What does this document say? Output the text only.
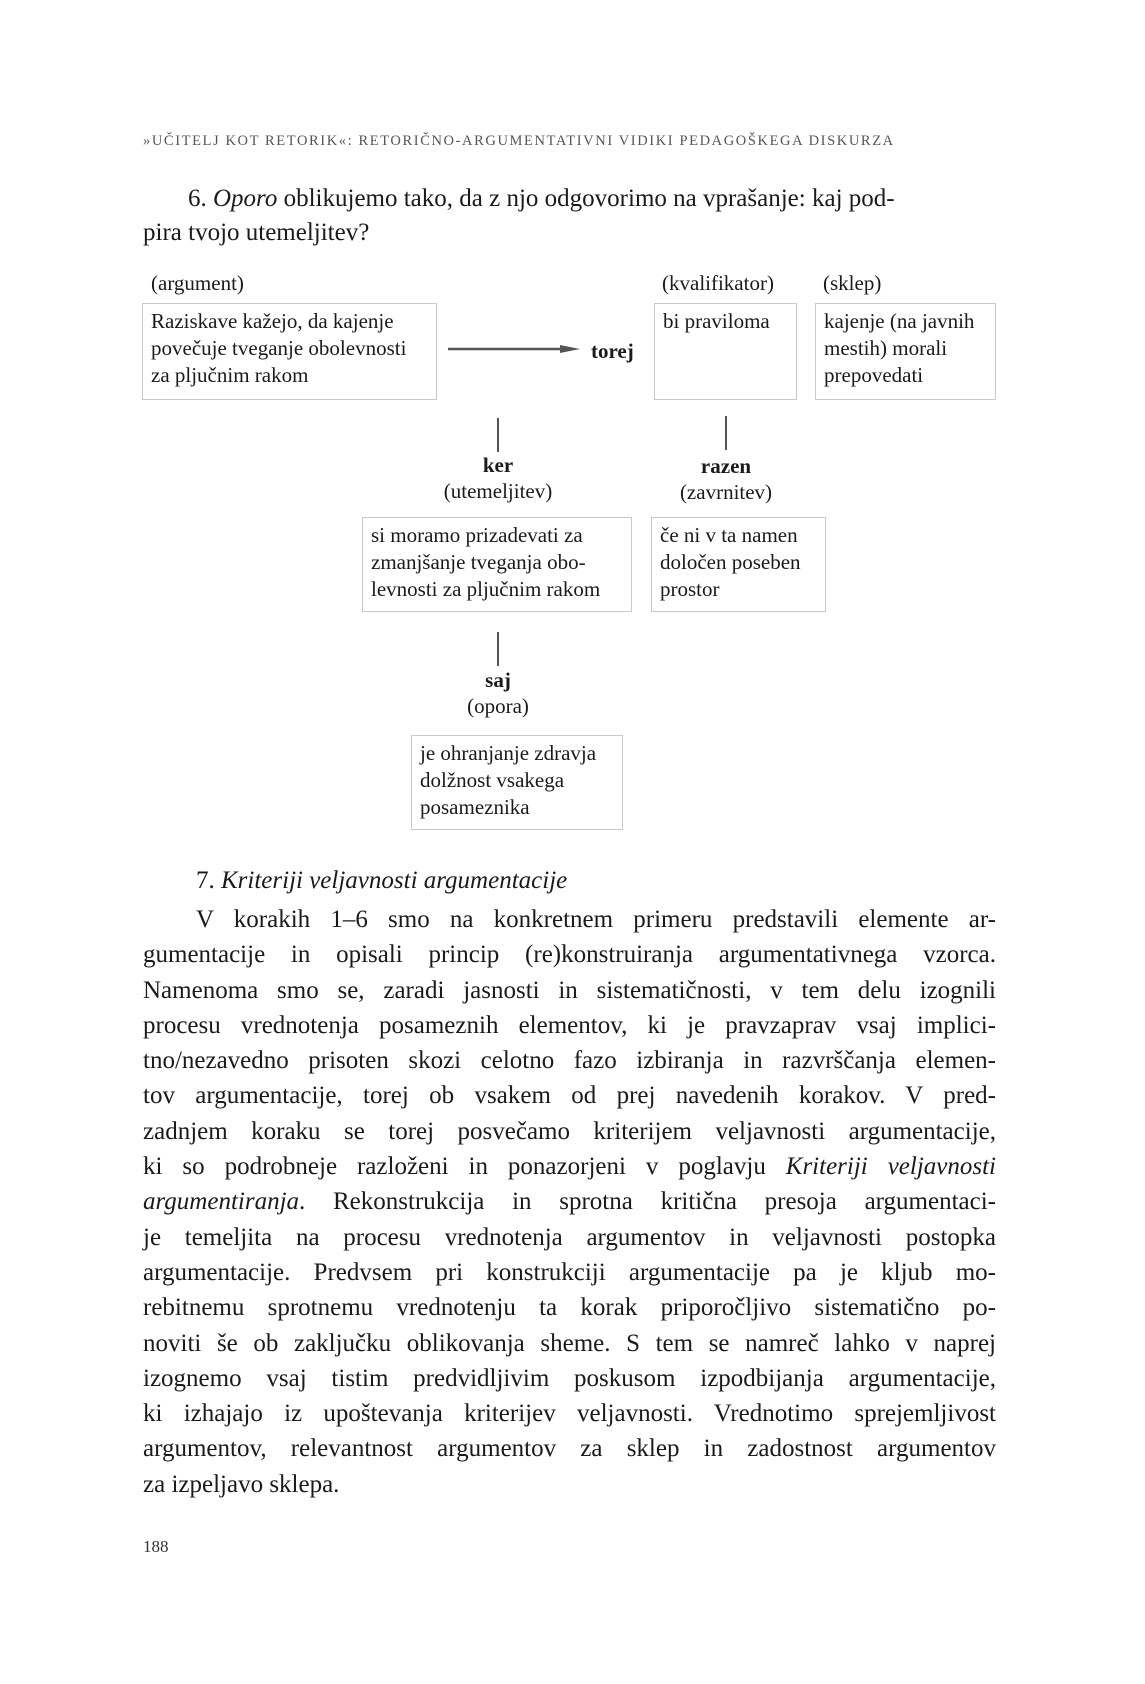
»UČITELJ KOT RETORIK«: RETORIČNO-ARGUMENTATIVNI VIDIKI PEDAGOŠKEGA DISKURZA
6. Oporo oblikujemo tako, da z njo odgovorimo na vprašanje: kaj pod-
pira tvojo utemeljitev?
(argument)
Raziskave kažejo, da kajenje
povečuje tveganje obolevnosti
za pljučnim rakom
torej
(kvalifikator)
bi praviloma
(sklep)
kajenje (na javnih
mestih) morali
prepovedati
ker
(utemeljitev)
si moramo prizadevati za
zmanjšanje tveganja obo-
levnosti za pljučnim rakom
razen
(zavrnitev)
če ni v ta namen
določen poseben
prostor
saj
(opora)
je ohranjanje zdravja
dolžnost vsakega
posameznika
7. Kriteriji veljavnosti argumentacije
V korakih 1–6 smo na konkretnem primeru predstavili elemente ar-
gumentacije in opisali princip (re)konstruiranja argumentativnega vzorca.
Namenoma smo se, zaradi jasnosti in sistematičnosti, v tem delu izognili
procesu vrednotenja posameznih elementov, ki je pravzaprav vsaj implici-
tno/nezavedno prisoten skozi celotno fazo izbiranja in razvrščanja elemen-
tov argumentacije, torej ob vsakem od prej navedenih korakov. V pred-
zadnjem koraku se torej posvečamo kriterijem veljavnosti argumentacije,
ki so podrobneje razloženi in ponazorjeni v poglavju Kriteriji veljavnosti
argumentiranja. Rekonstrukcija in sprotna kritična presoja argumentaci-
je temeljita na procesu vrednotenja argumentov in veljavnosti postopka
argumentacije. Predvsem pri konstrukciji argumentacije pa je kljub mo-
rebitnemu sprotnemu vrednotenju ta korak priporočljivo sistematično po-
noviti še ob zaključku oblikovanja sheme. S tem se namreč lahko v naprej
izognemo vsaj tistim predvidljivim poskusom izpodbijanja argumentacije,
ki izhajajo iz upoštevanja kriterijev veljavnosti. Vrednotimo sprejemljivost
argumentov, relevantnost argumentov za sklep in zadostnost argumentov
za izpeljavo sklepa.
188
